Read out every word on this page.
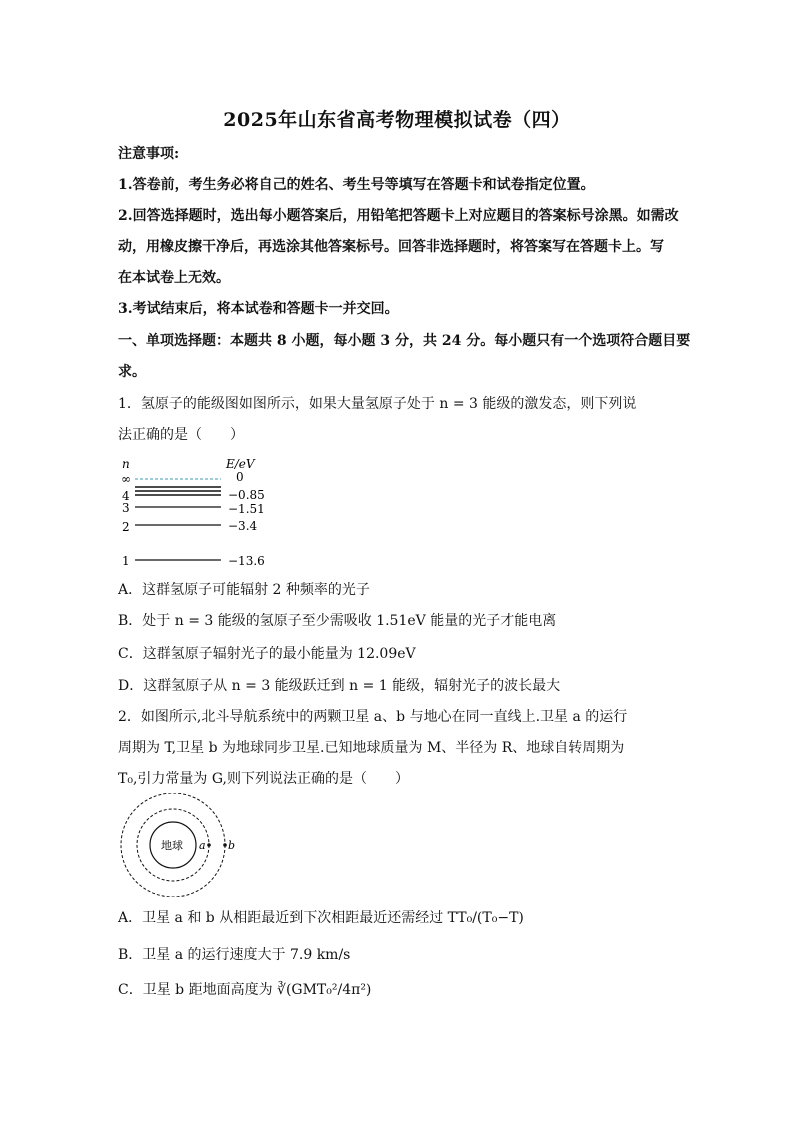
2025年山东省高考物理模拟试卷（四）
注意事项:
1.答卷前，考生务必将自己的姓名、考生号等填写在答题卡和试卷指定位置。
2.回答选择题时，选出每小题答案后，用铅笔把答题卡上对应题目的答案标号涂黑。如需改
动，用橡皮擦干净后，再选涂其他答案标号。回答非选择题时，将答案写在答题卡上。写
在本试卷上无效。
3.考试结束后，将本试卷和答题卡一并交回。
一、单项选择题：本题共 8 小题，每小题 3 分，共 24 分。每小题只有一个选项符合题目要
求。
1．氢原子的能级图如图所示，如果大量氢原子处于 n = 3 能级的激发态，则下列说
法正确的是（　　）
n	E/eV
∞	0
4	−0.85
3	−1.51
2	−3.4
1	−13.6
A．这群氢原子可能辐射 2 种频率的光子
B．处于 n = 3 能级的氢原子至少需吸收 1.51eV 能量的光子才能电离
C．这群氢原子辐射光子的最小能量为 12.09eV
D．这群氢原子从 n = 3 能级跃迁到 n = 1 能级，辐射光子的波长最大
2．如图所示,北斗导航系统中的两颗卫星 a、b 与地心在同一直线上.卫星 a 的运行
周期为 T,卫星 b 为地球同步卫星.已知地球质量为 M、半径为 R、地球自转周期为
T₀,引力常量为 G,则下列说法正确的是（　　）
地球 a b
A．卫星 a 和 b 从相距最近到下次相距最近还需经过 TT₀/(T₀−T)
B．卫星 a 的运行速度大于 7.9 km/s
C．卫星 b 距地面高度为 ∛(GMT₀²/4π²)
